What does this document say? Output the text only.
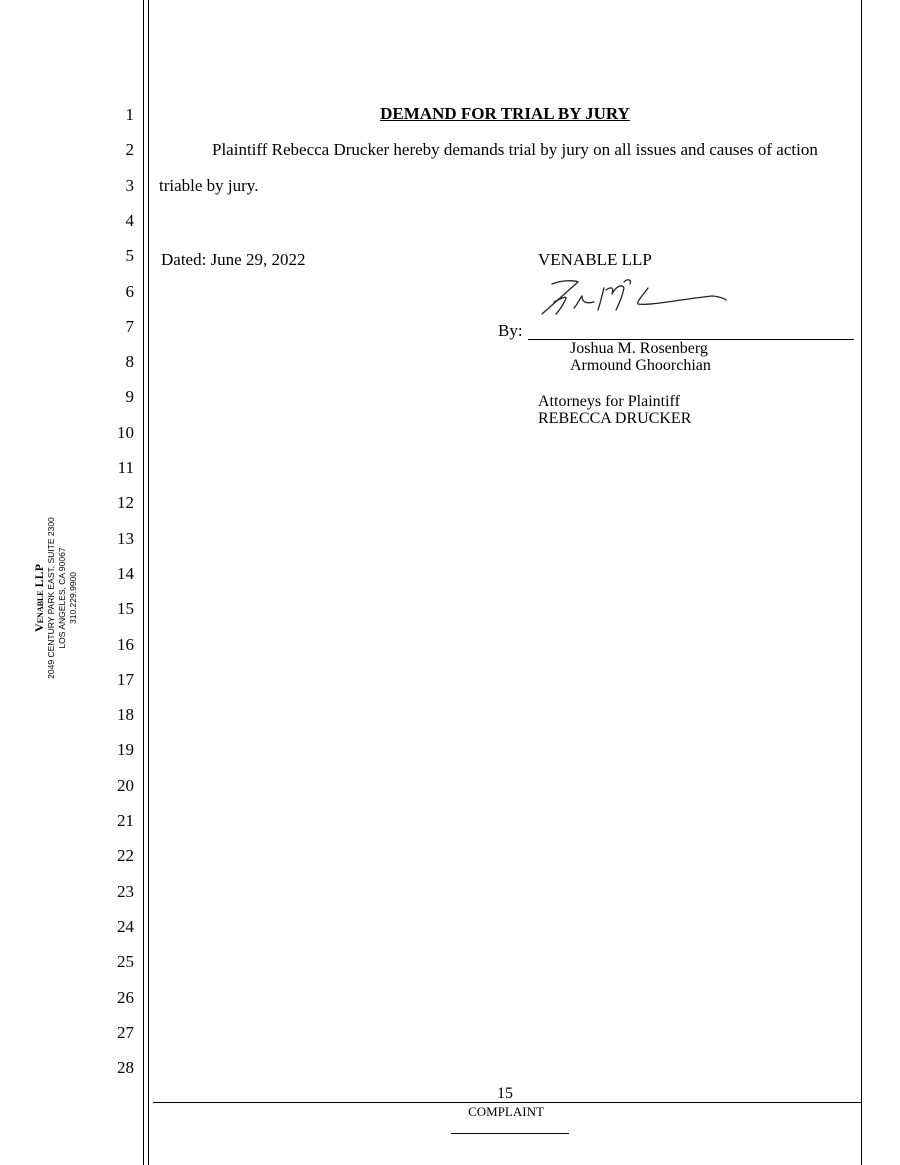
1
2
3
4
5
6
7
8
9
10
11
12
13
14
15
16
17
18
19
20
21
22
23
24
25
26
27
28
Venable LLP 2049 CENTURY PARK EAST, SUITE 2300 LOS ANGELES, CA 90067 310.229.9900
DEMAND FOR TRIAL BY JURY
Plaintiff Rebecca Drucker hereby demands trial by jury on all issues and causes of action
triable by jury.
Dated: June 29, 2022	VENABLE LLP
By:
Joshua M. Rosenberg
Armound Ghoorchian
Attorneys for Plaintiff
REBECCA DRUCKER
15
COMPLAINT
